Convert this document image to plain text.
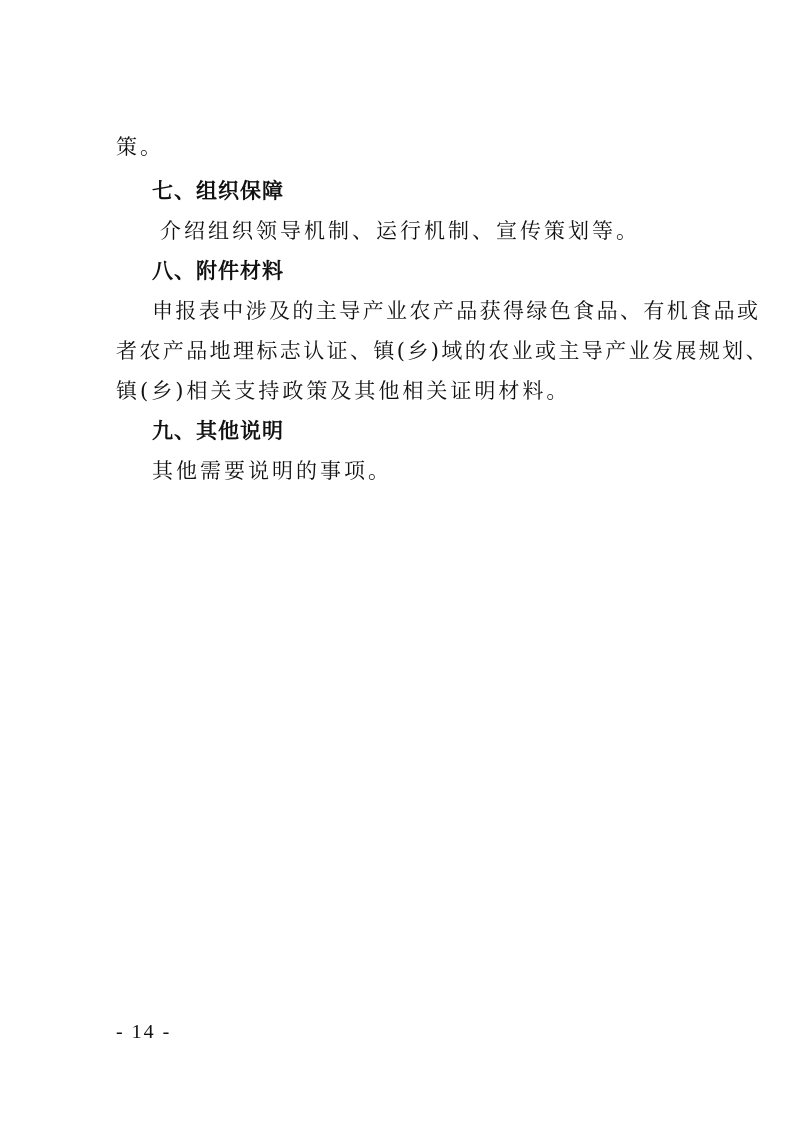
策。
七、组织保障
介绍组织领导机制、运行机制、宣传策划等。
八、附件材料
申报表中涉及的主导产业农产品获得绿色食品、有机食品或
者农产品地理标志认证、镇(乡)域的农业或主导产业发展规划、
镇(乡)相关支持政策及其他相关证明材料。
九、其他说明
其他需要说明的事项。
- 14 -
